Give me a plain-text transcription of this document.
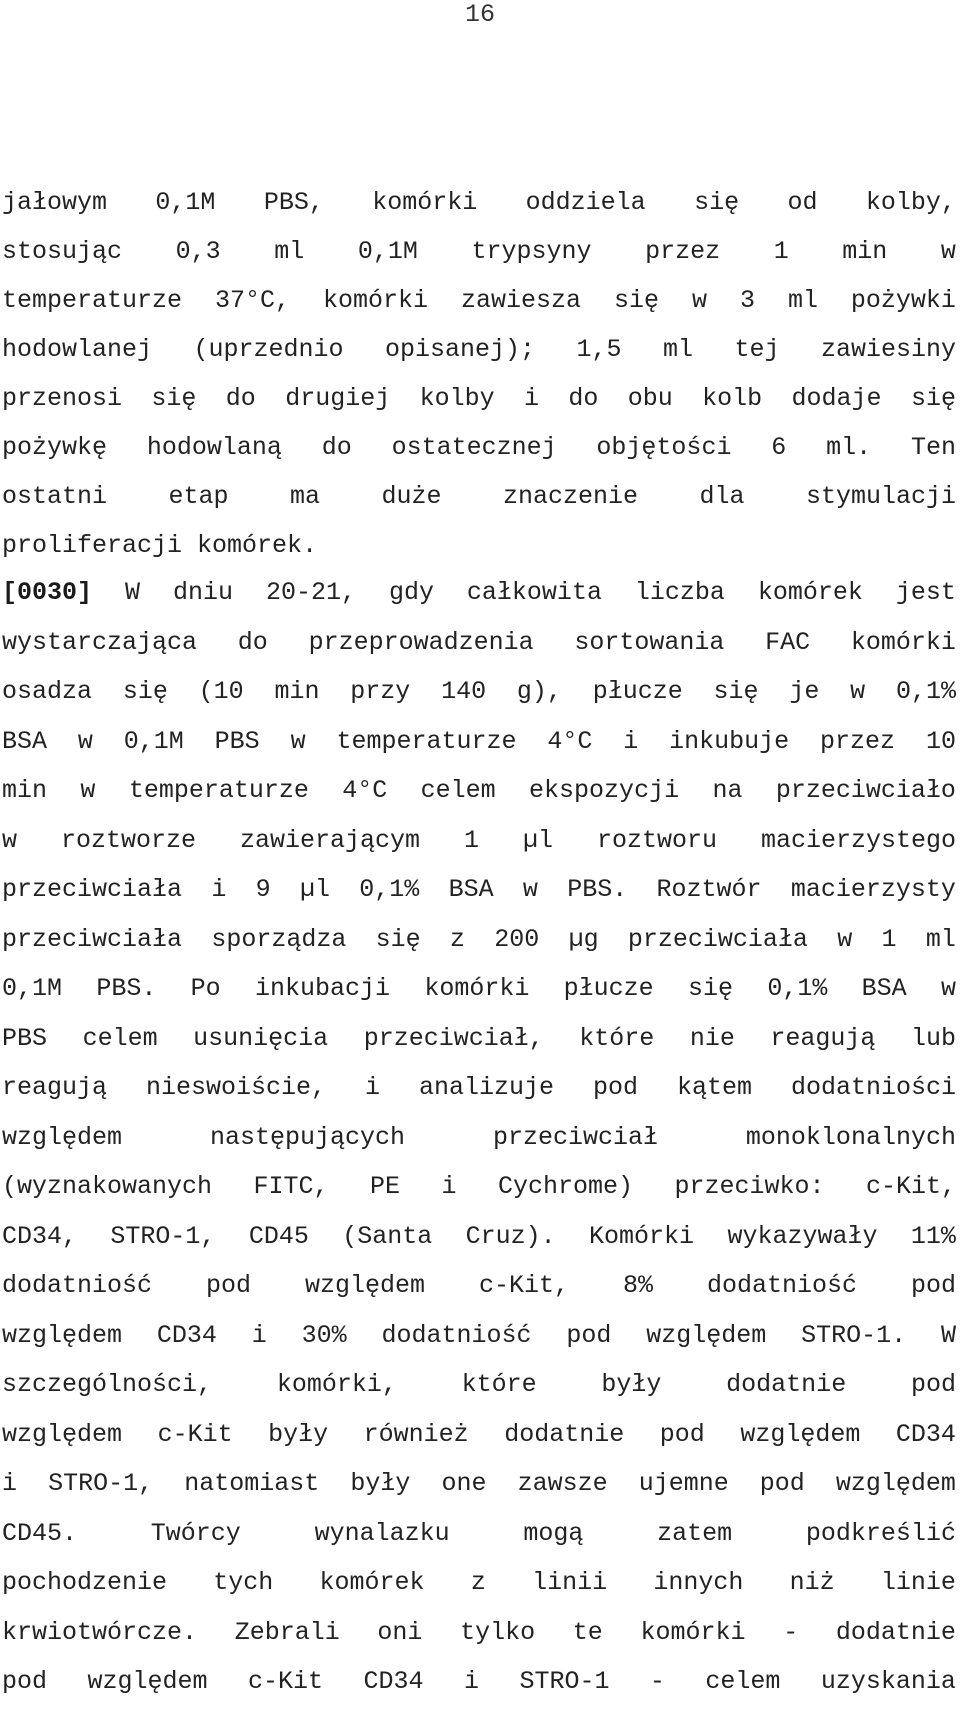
16
jałowym 0,1M PBS, komórki oddziela się od kolby,
stosując 0,3 ml 0,1M trypsyny przez 1 min w
temperaturze 37°C, komórki zawiesza się w 3 ml pożywki
hodowlanej (uprzednio opisanej); 1,5 ml tej zawiesiny
przenosi się do drugiej kolby i do obu kolb dodaje się
pożywkę hodowlaną do ostatecznej objętości 6 ml. Ten
ostatni etap ma duże znaczenie dla stymulacji
proliferacji komórek.
[0030] W dniu 20-21, gdy całkowita liczba komórek jest
wystarczająca do przeprowadzenia sortowania FAC komórki
osadza się (10 min przy 140 g), płucze się je w 0,1%
BSA w 0,1M PBS w temperaturze 4°C i inkubuje przez 10
min w temperaturze 4°C celem ekspozycji na przeciwciało
w roztworze zawierającym 1 µl roztworu macierzystego
przeciwciała i 9 µl 0,1% BSA w PBS. Roztwór macierzysty
przeciwciała sporządza się z 200 µg przeciwciała w 1 ml
0,1M PBS. Po inkubacji komórki płucze się 0,1% BSA w
PBS celem usunięcia przeciwciał, które nie reagują lub
reagują nieswoiście, i analizuje pod kątem dodatniości
względem	następujących	przeciwciał	monoklonalnych
(wyznakowanych FITC, PE i Cychrome) przeciwko: c-Kit,
CD34, STRO-1, CD45 (Santa Cruz). Komórki wykazywały 11%
dodatniość pod względem c-Kit, 8% dodatniość pod
względem CD34 i 30% dodatniość pod względem STRO-1. W
szczególności,	komórki,	które	były	dodatnie	pod
względem c-Kit były również dodatnie pod względem CD34
i STRO-1, natomiast były one zawsze ujemne pod względem
CD45.	Twórcy	wynalazku	mogą	zatem	podkreślić
pochodzenie tych komórek z linii innych niż linie
krwiotwórcze. Zebrali oni tylko te komórki - dodatnie
pod względem c-Kit CD34 i STRO-1 - celem uzyskania
